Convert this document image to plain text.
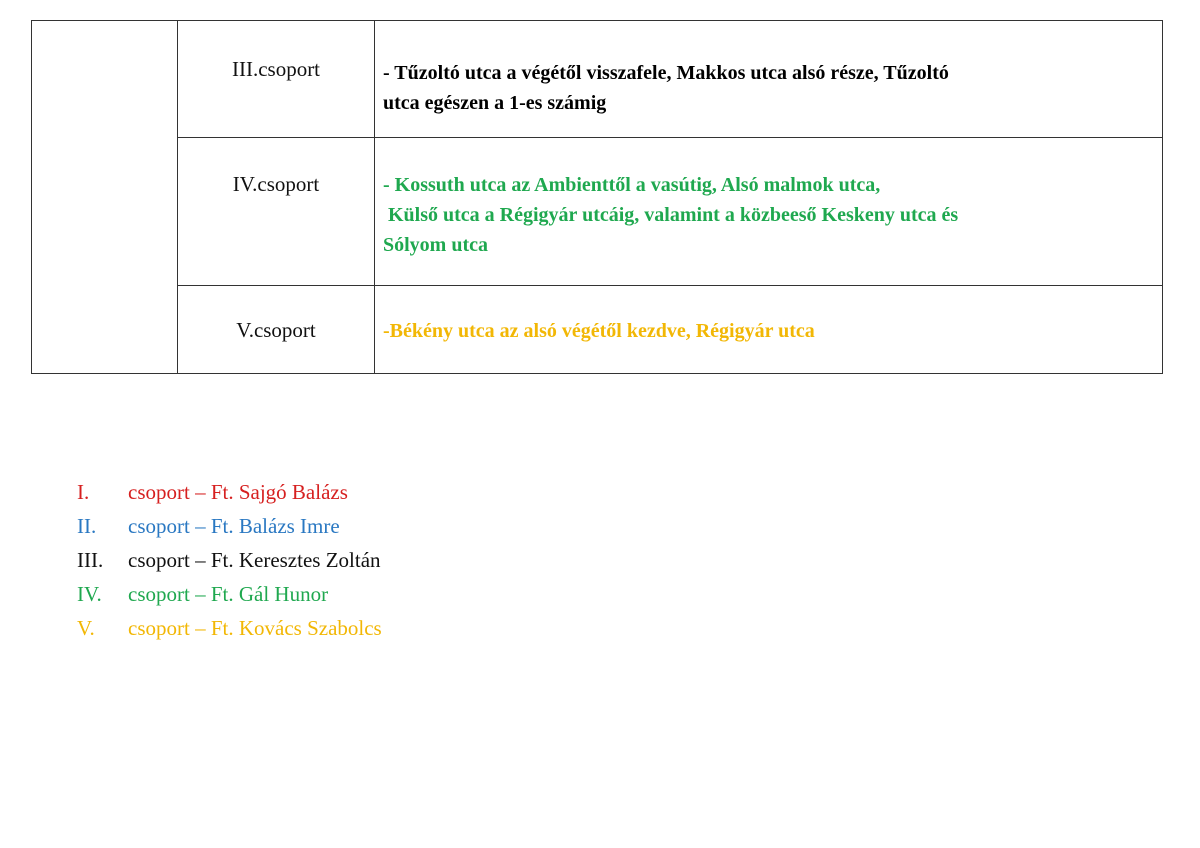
	III.csoport	- Tűzoltó utca a végétől visszafele, Makkos utca alsó része, Tűzoltó
utca egészen a 1-es számig

	IV.csoport	- Kossuth utca az Ambienttől a vasútig, Alsó malmok utca,
Külső utca a Régigyár utcáig, valamint a közbeeső Keskeny utca és
Sólyom utca

	V.csoport	-Békény utca az alsó végétől kezdve, Régigyár utca
I.	csoport – Ft. Sajgó Balázs
II.	csoport – Ft. Balázs Imre
III.	csoport – Ft. Keresztes Zoltán
IV.	csoport – Ft. Gál Hunor
V.	csoport – Ft. Kovács Szabolcs
